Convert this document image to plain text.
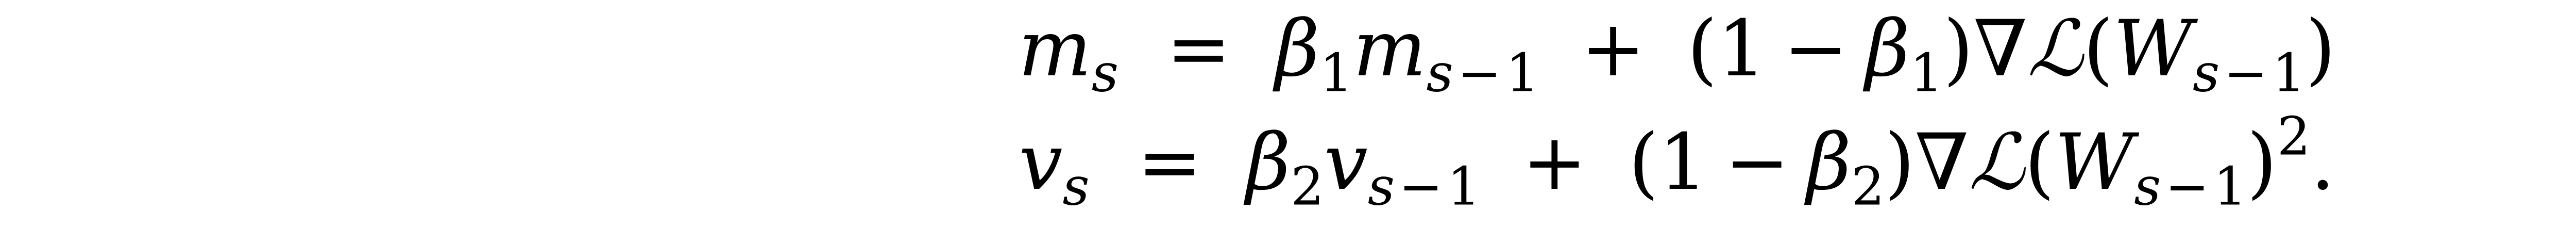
$m_s = \beta_1m_{s-1} + (1$ − $\beta_1)\nabla ℒ(W_{s-1})$
$v_s = \beta_2v_{s-1} + (1$ − $\beta_2)\nabla ℒ(W_{s-1})^2$.
